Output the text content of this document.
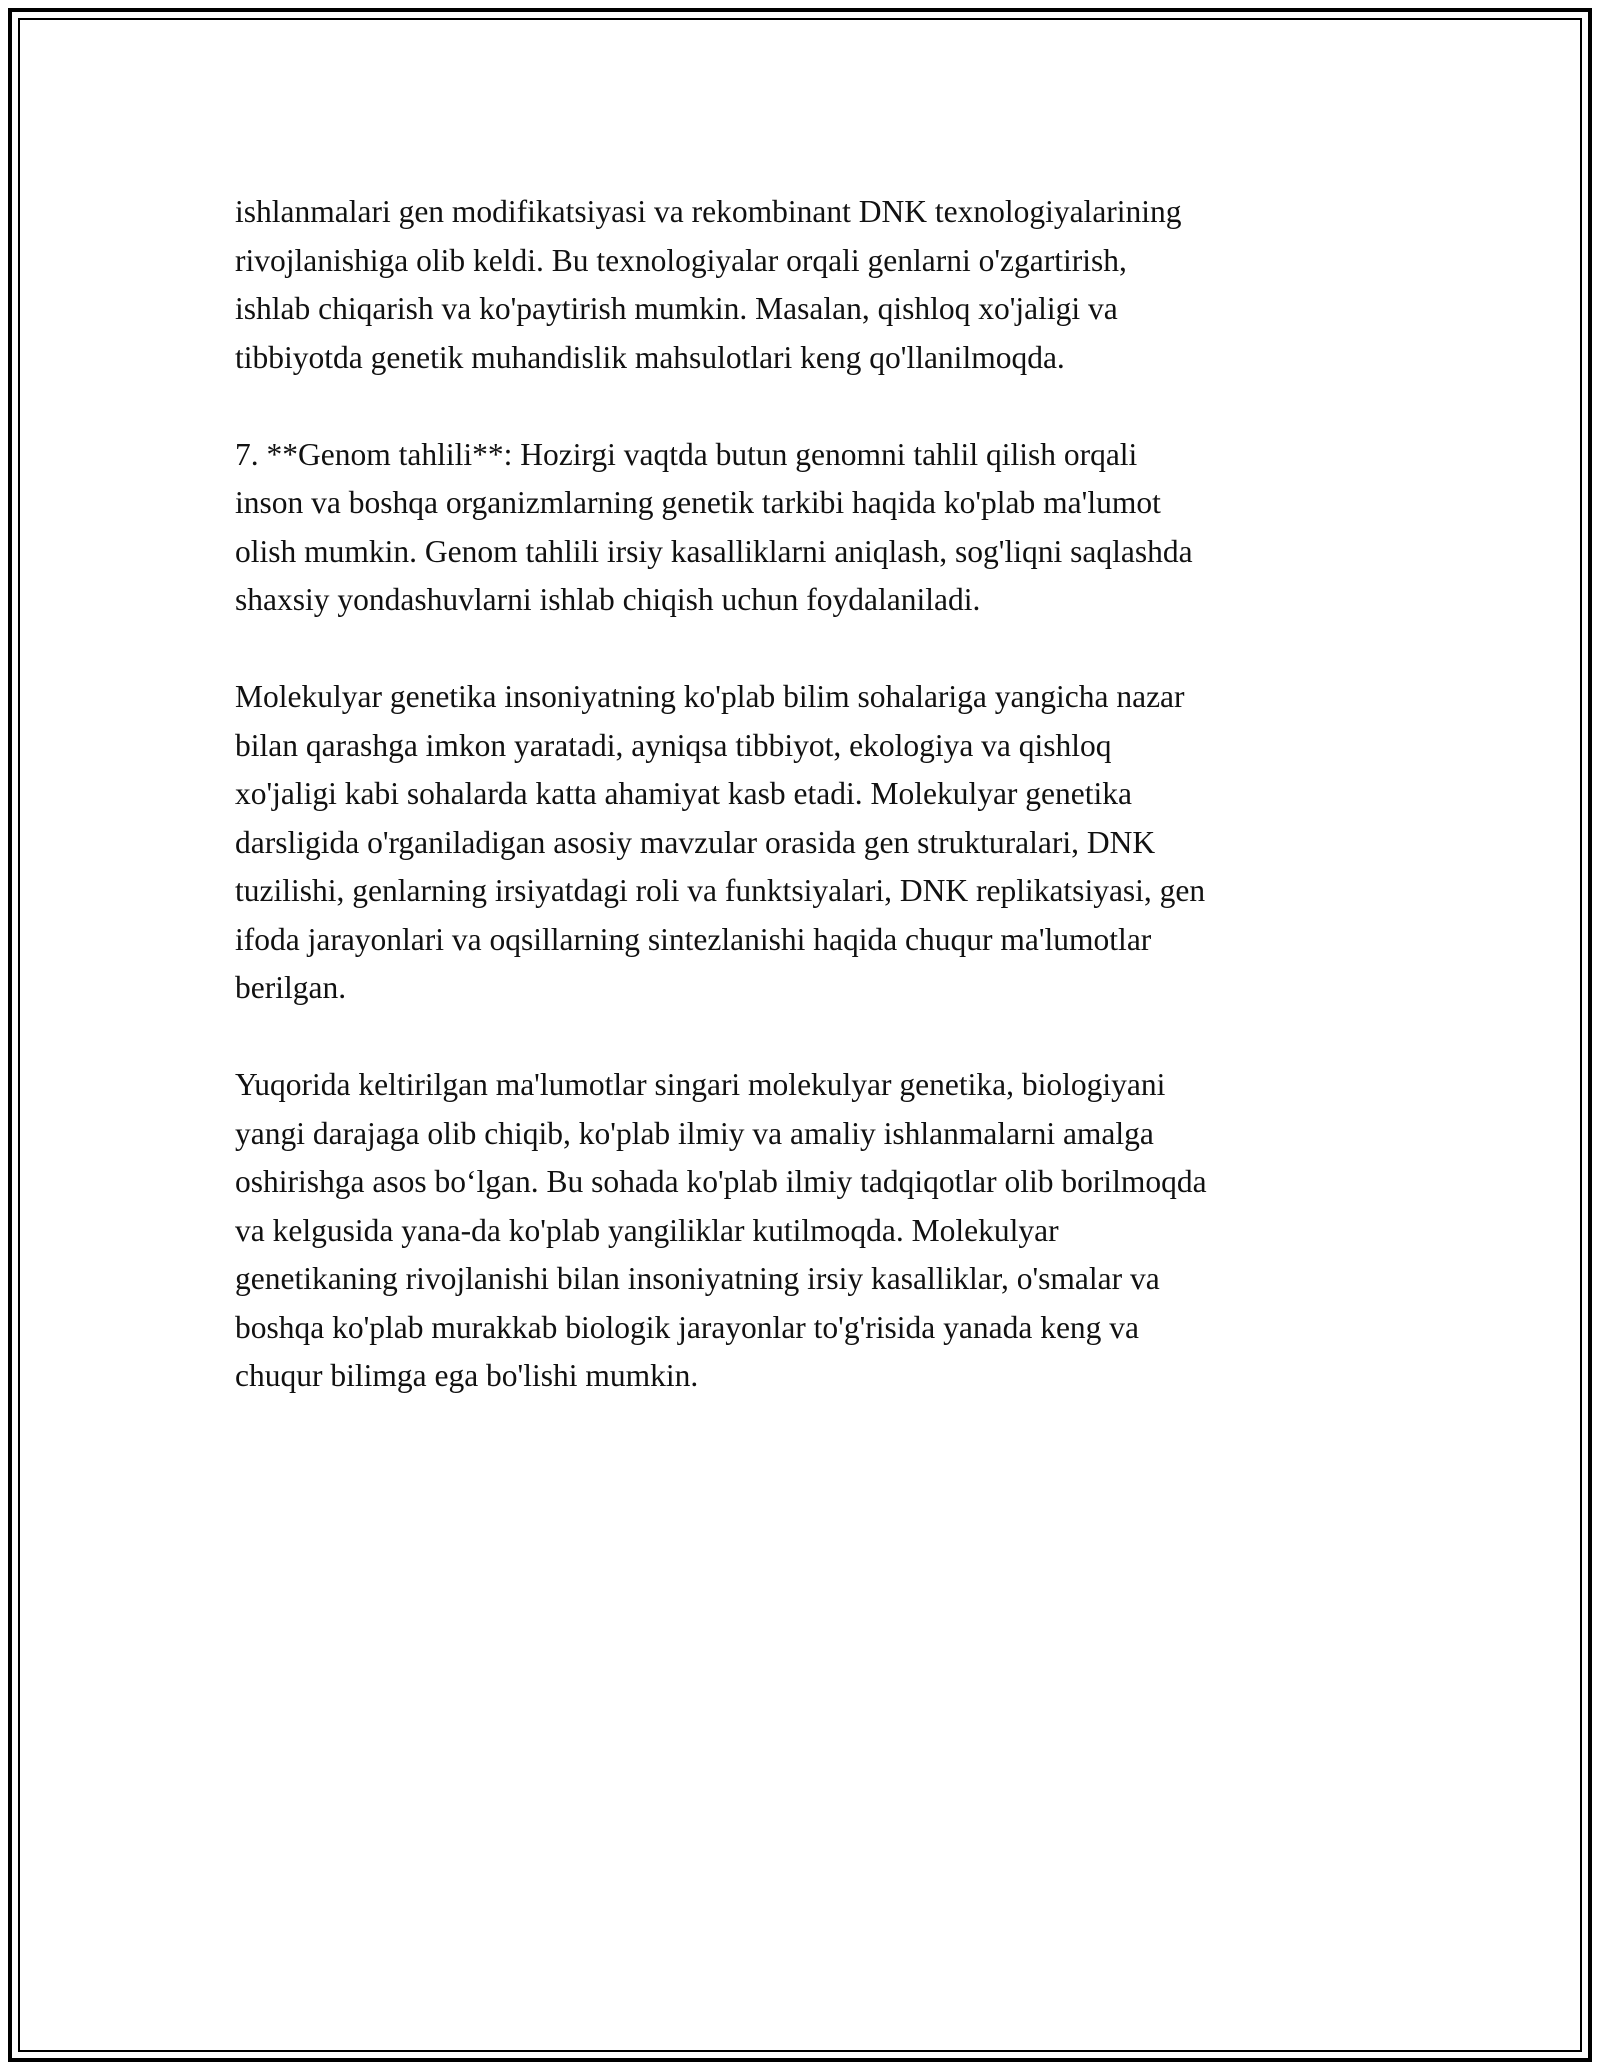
ishlanmalari gen modifikatsiyasi va rekombinant DNK texnologiyalarining
rivojlanishiga olib keldi. Bu texnologiyalar orqali genlarni o'zgartirish,
ishlab chiqarish va ko'paytirish mumkin. Masalan, qishloq xo'jaligi va
tibbiyotda genetik muhandislik mahsulotlari keng qo'llanilmoqda.

7. **Genom tahlili**: Hozirgi vaqtda butun genomni tahlil qilish orqali
inson va boshqa organizmlarning genetik tarkibi haqida ko'plab ma'lumot
olish mumkin. Genom tahlili irsiy kasalliklarni aniqlash, sog'liqni saqlashda
shaxsiy yondashuvlarni ishlab chiqish uchun foydalaniladi.

Molekulyar genetika insoniyatning ko'plab bilim sohalariga yangicha nazar
bilan qarashga imkon yaratadi, ayniqsa tibbiyot, ekologiya va qishloq
xo'jaligi kabi sohalarda katta ahamiyat kasb etadi. Molekulyar genetika
darsligida o'rganiladigan asosiy mavzular orasida gen strukturalari, DNK
tuzilishi, genlarning irsiyatdagi roli va funktsiyalari, DNK replikatsiyasi, gen
ifoda jarayonlari va oqsillarning sintezlanishi haqida chuqur ma'lumotlar
berilgan.

Yuqorida keltirilgan ma'lumotlar singari molekulyar genetika, biologiyani
yangi darajaga olib chiqib, ko'plab ilmiy va amaliy ishlanmalarni amalga
oshirishga asos bo‘lgan. Bu sohada ko'plab ilmiy tadqiqotlar olib borilmoqda
va kelgusida yana-da ko'plab yangiliklar kutilmoqda. Molekulyar
genetikaning rivojlanishi bilan insoniyatning irsiy kasalliklar, o'smalar va
boshqa ko'plab murakkab biologik jarayonlar to'g'risida yanada keng va
chuqur bilimga ega bo'lishi mumkin.
